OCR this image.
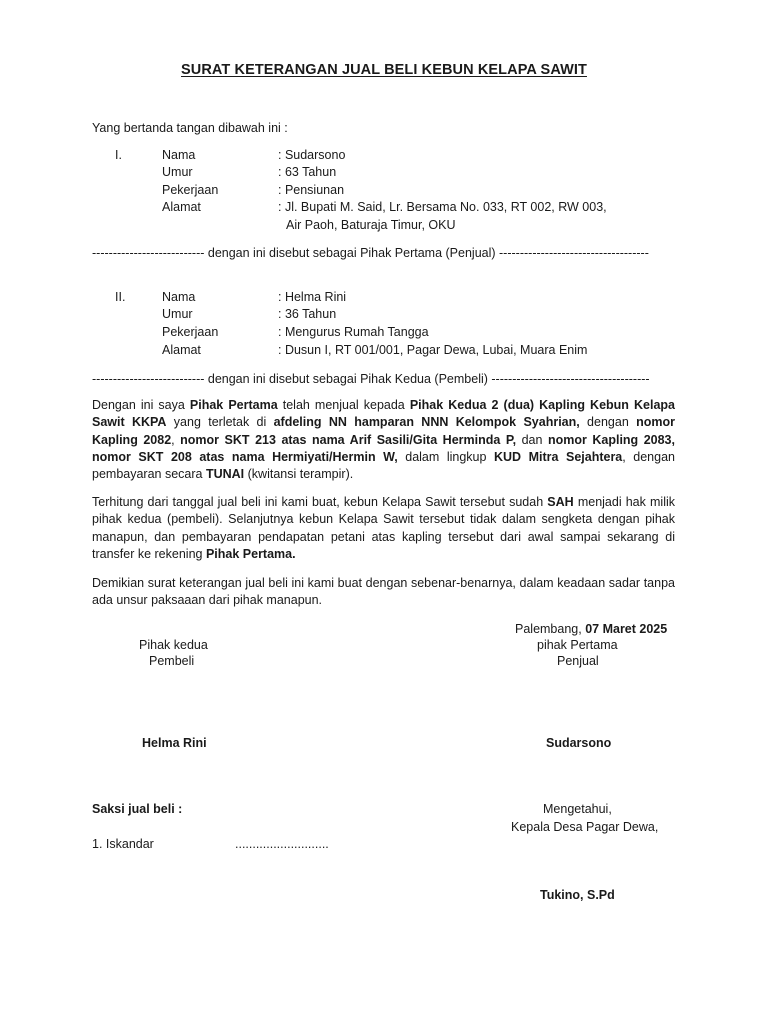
SURAT KETERANGAN JUAL BELI KEBUN KELAPA SAWIT
Yang bertanda tangan dibawah ini :
I.	Nama	: Sudarsono
Umur	: 63 Tahun
Pekerjaan	: Pensiunan
Alamat	: Jl. Bupati M. Said, Lr. Bersama No. 033, RT 002, RW 003,
Air Paoh, Baturaja Timur, OKU
--------------------------- dengan ini disebut sebagai Pihak Pertama (Penjual) ------------------------------------
II.	Nama	: Helma Rini
Umur	: 36 Tahun
Pekerjaan	: Mengurus Rumah Tangga
Alamat	: Dusun I, RT 001/001, Pagar Dewa, Lubai, Muara Enim
--------------------------- dengan ini disebut sebagai Pihak Kedua (Pembeli) --------------------------------------
Dengan ini saya Pihak Pertama telah menjual kepada Pihak Kedua 2 (dua) Kapling Kebun Kelapa Sawit KKPA yang terletak di afdeling NN hamparan NNN Kelompok Syahrian, dengan nomor Kapling 2082, nomor SKT 213 atas nama Arif Sasili/Gita Herminda P, dan nomor Kapling 2083, nomor SKT 208 atas nama Hermiyati/Hermin W, dalam lingkup KUD Mitra Sejahtera, dengan pembayaran secara TUNAI (kwitansi terampir).
Terhitung dari tanggal jual beli ini kami buat, kebun Kelapa Sawit tersebut sudah SAH menjadi hak milik pihak kedua (pembeli). Selanjutnya kebun Kelapa Sawit tersebut tidak dalam sengketa dengan pihak manapun, dan pembayaran pendapatan petani atas kapling tersebut dari awal sampai sekarang di transfer ke rekening Pihak Pertama.
Demikian surat keterangan jual beli ini kami buat dengan sebenar-benarnya, dalam keadaan sadar tanpa ada unsur paksaaan dari pihak manapun.
Palembang, 07 Maret 2025
Pihak kedua
Pembeli
pihak Pertama
Penjual
Helma Rini	Sudarsono
Saksi jual beli :	Mengetahui,
Kepala Desa Pagar Dewa,
1. Iskandar	...........................
Tukino, S.Pd
